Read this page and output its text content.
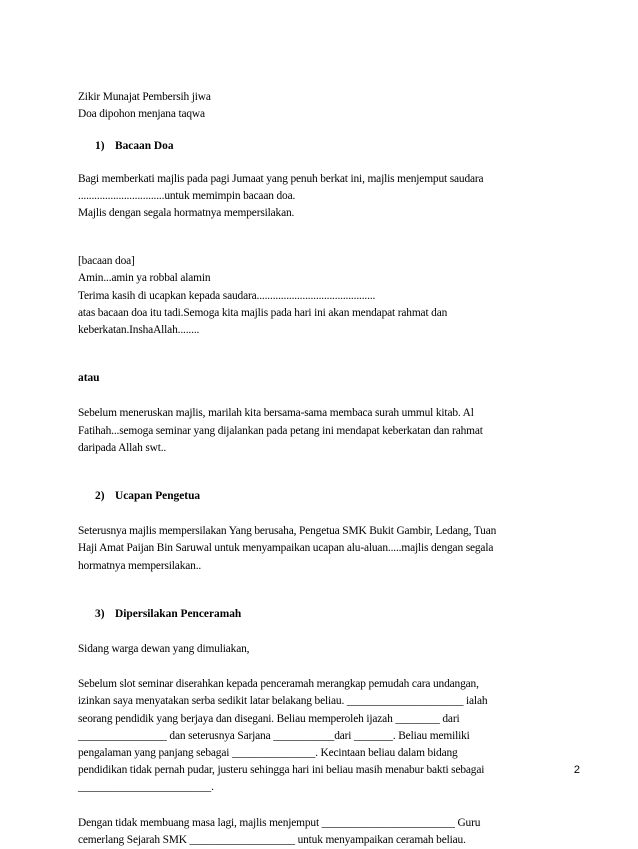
Zikir Munajat Pembersih jiwa
Doa dipohon menjana taqwa
1) Bacaan Doa
Bagi memberkati majlis pada pagi Jumaat yang penuh berkat ini, majlis menjemput saudara
................................untuk memimpin bacaan doa.
Majlis dengan segala hormatnya mempersilakan.
[bacaan doa]
Amin...amin ya robbal alamin
Terima kasih di ucapkan kepada saudara............................................
atas bacaan doa itu tadi.Semoga kita majlis pada hari ini akan mendapat rahmat dan
keberkatan.InshaAllah........
atau
Sebelum meneruskan majlis, marilah kita bersama-sama membaca surah ummul kitab. Al
Fatihah...semoga seminar yang dijalankan pada petang ini mendapat keberkatan dan rahmat
daripada Allah swt..
2) Ucapan Pengetua
Seterusnya majlis mempersilakan Yang berusaha, Pengetua SMK Bukit Gambir, Ledang, Tuan
Haji Amat Paijan Bin Saruwal untuk menyampaikan ucapan alu-aluan.....majlis dengan segala
hormatnya mempersilakan..
3) Dipersilakan Penceramah
Sidang warga dewan yang dimuliakan,
Sebelum slot seminar diserahkan kepada penceramah merangkap pemudah cara undangan,
izinkan saya menyatakan serba sedikit latar belakang beliau. _____________________ ialah
seorang pendidik yang berjaya dan disegani. Beliau memperoleh ijazah ________ dari
________________ dan seterusnya Sarjana ___________dari _______. Beliau memiliki
pengalaman yang panjang sebagai _______________. Kecintaan beliau dalam bidang
pendidikan tidak pernah pudar, justeru sehingga hari ini beliau masih menabur bakti sebagai
________________________.
Dengan tidak membuang masa lagi, majlis menjemput ________________________ Guru
cemerlang Sejarah SMK ___________________ untuk menyampaikan ceramah beliau.
2
